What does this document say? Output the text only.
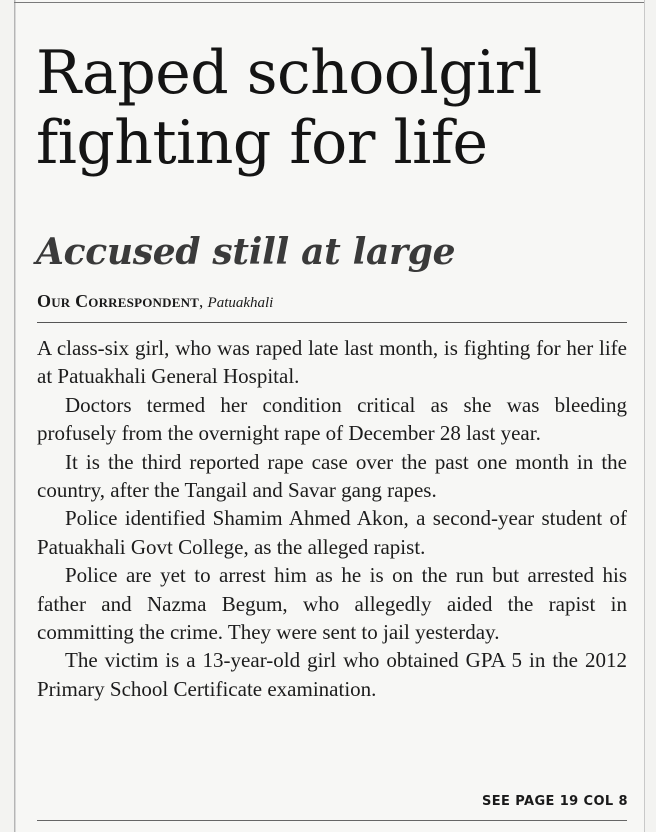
Raped schoolgirl
fighting for life
Accused still at large
Our Correspondent, Patuakhali

A class-six girl, who was raped late last month, is fighting for her life at Patuakhali General Hospital.

Doctors termed her condition critical as she was bleeding profusely from the overnight rape of December 28 last year.

It is the third reported rape case over the past one month in the country, after the Tangail and Savar gang rapes.

Police identified Shamim Ahmed Akon, a second-year student of Patuakhali Govt College, as the alleged rapist.

Police are yet to arrest him as he is on the run but arrested his father and Nazma Begum, who allegedly aided the rapist in committing the crime. They were sent to jail yesterday.

The victim is a 13-year-old girl who obtained GPA 5 in the 2012 Primary School Certificate examination.

SEE PAGE 19 COL 8
